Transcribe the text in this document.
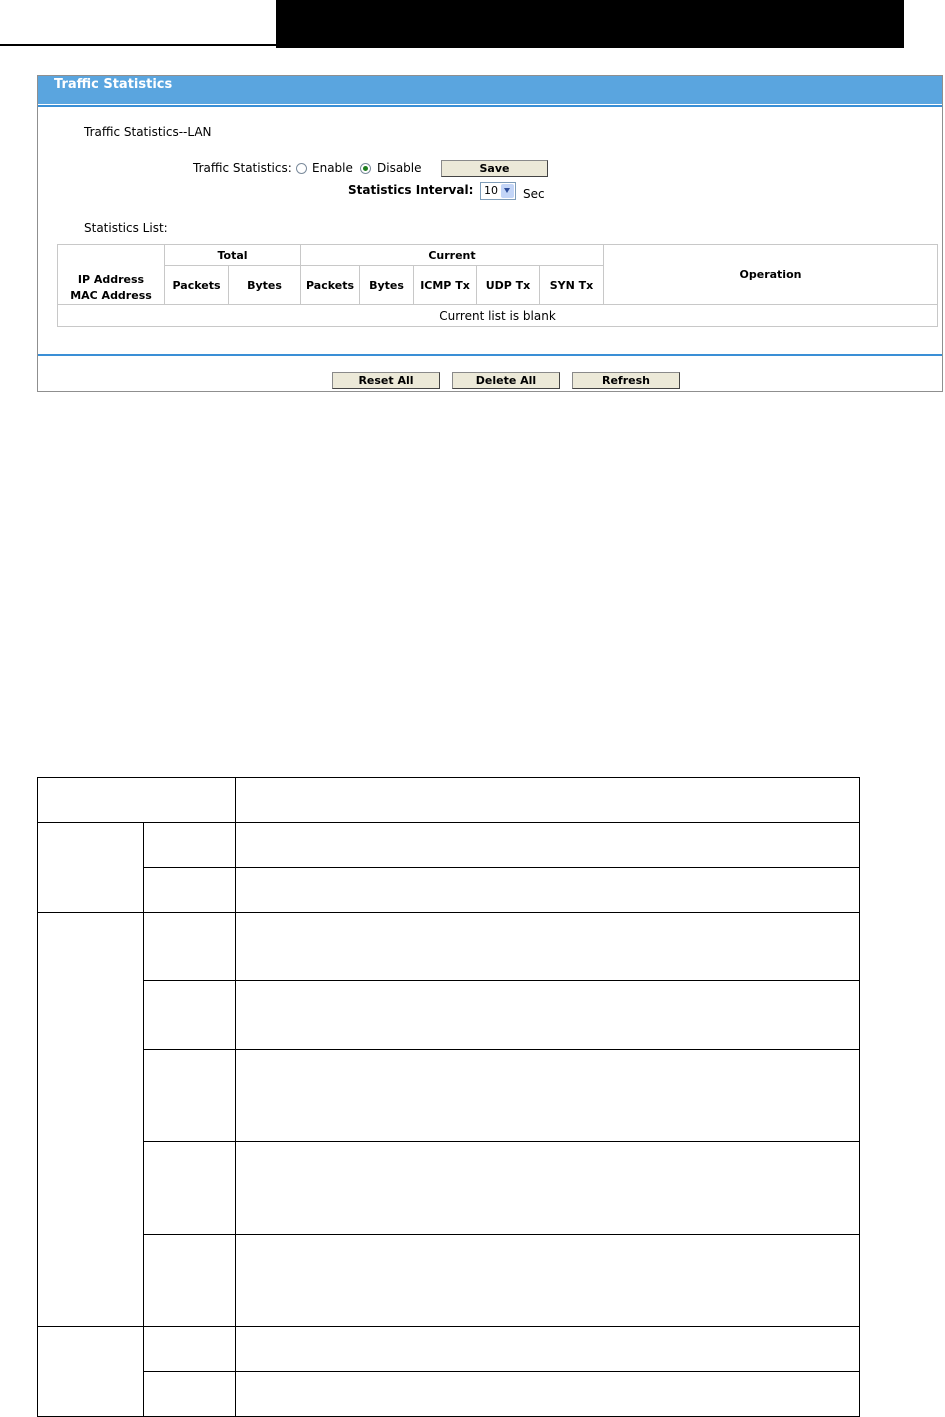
Traffic Statistics
Traffic Statistics--LAN
Traffic Statistics: Enable Disable	Save
Statistics Interval: 10 Sec
Statistics List:
IP Address
MAC Address	Total		Current					Operation
	Packets	Bytes	Packets	Bytes	ICMP Tx	UDP Tx	SYN Tx	
Current list is blank								
Reset All	Delete All	Refresh
